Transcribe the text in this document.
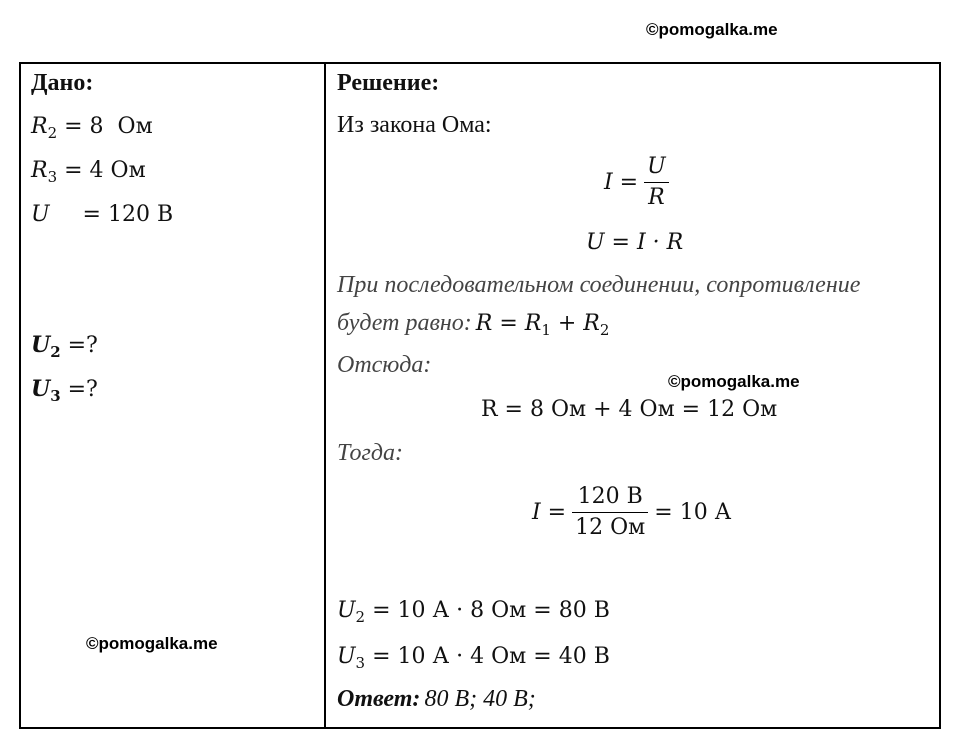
©pomogalka.me
©pomogalka.me
©pomogalka.me
Дано:
$R_2 = 8$  Ом
$R_3 = 4$ Ом
U = 120 В
$U_2$ =?
$U_3$ =?

Решение:
Из закона Ома:
$I = \frac{U}{R}$
U = I · R
При последовательном соединении, сопротивление
будет равно: $R = R_1 + R_2$
Отсюда:
R = 8 Ом + 4 Ом = 12 Ом
Тогда:
$I = \frac{120 В}{12 Ом} = 10$ А
$U_2 = 10$ А · 8 Ом = 80 В
$U_3 = 10$ А · 4 Ом = 40 В
Ответ: 80 В; 40 В;
